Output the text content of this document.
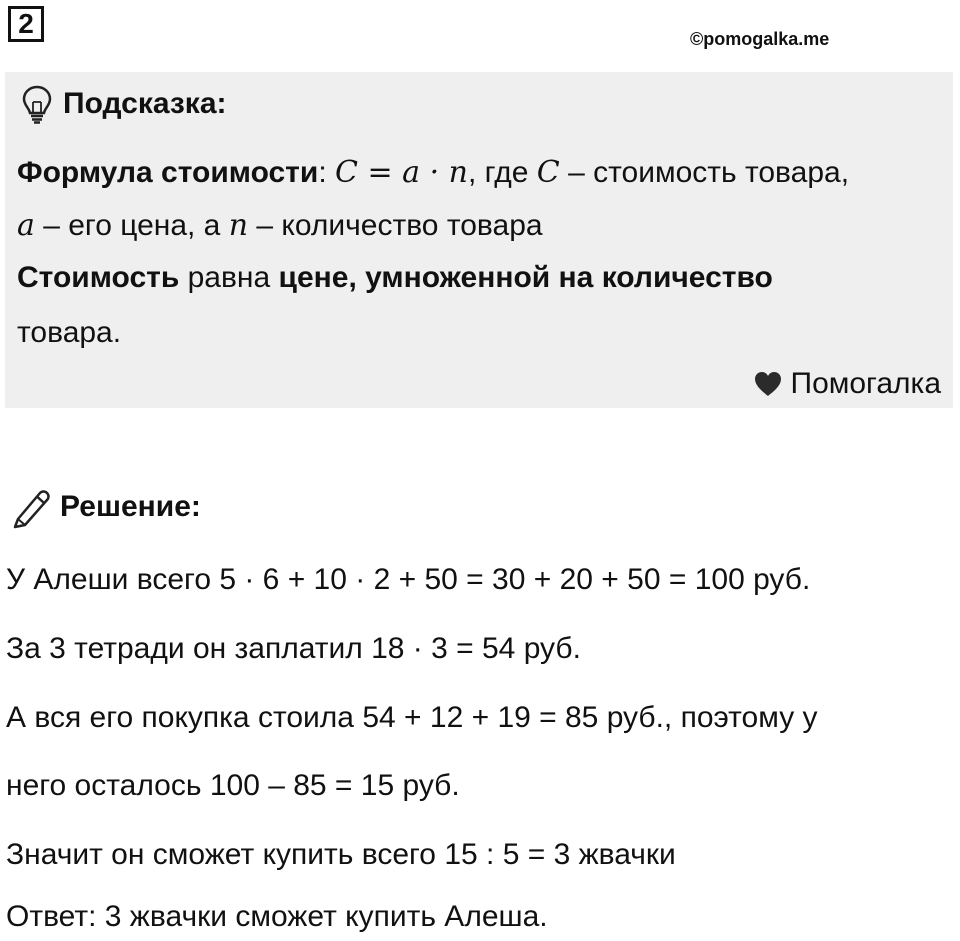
2	©pomogalka.me
Подсказка:
Формула стоимости: C = a · n, где C – стоимость товара,
a – его цена, а n – количество товара
Стоимость равна цене, умноженной на количество
товара.
Помогалка
Решение:
У Алеши всего 5 · 6 + 10 · 2 + 50 = 30 + 20 + 50 = 100 руб.
За 3 тетради он заплатил 18 · 3 = 54 руб.
А вся его покупка стоила 54 + 12 + 19 = 85 руб., поэтому у
него осталось 100 – 85 = 15 руб.
Значит он сможет купить всего 15 : 5 = 3 жвачки
Ответ: 3 жвачки сможет купить Алеша.
